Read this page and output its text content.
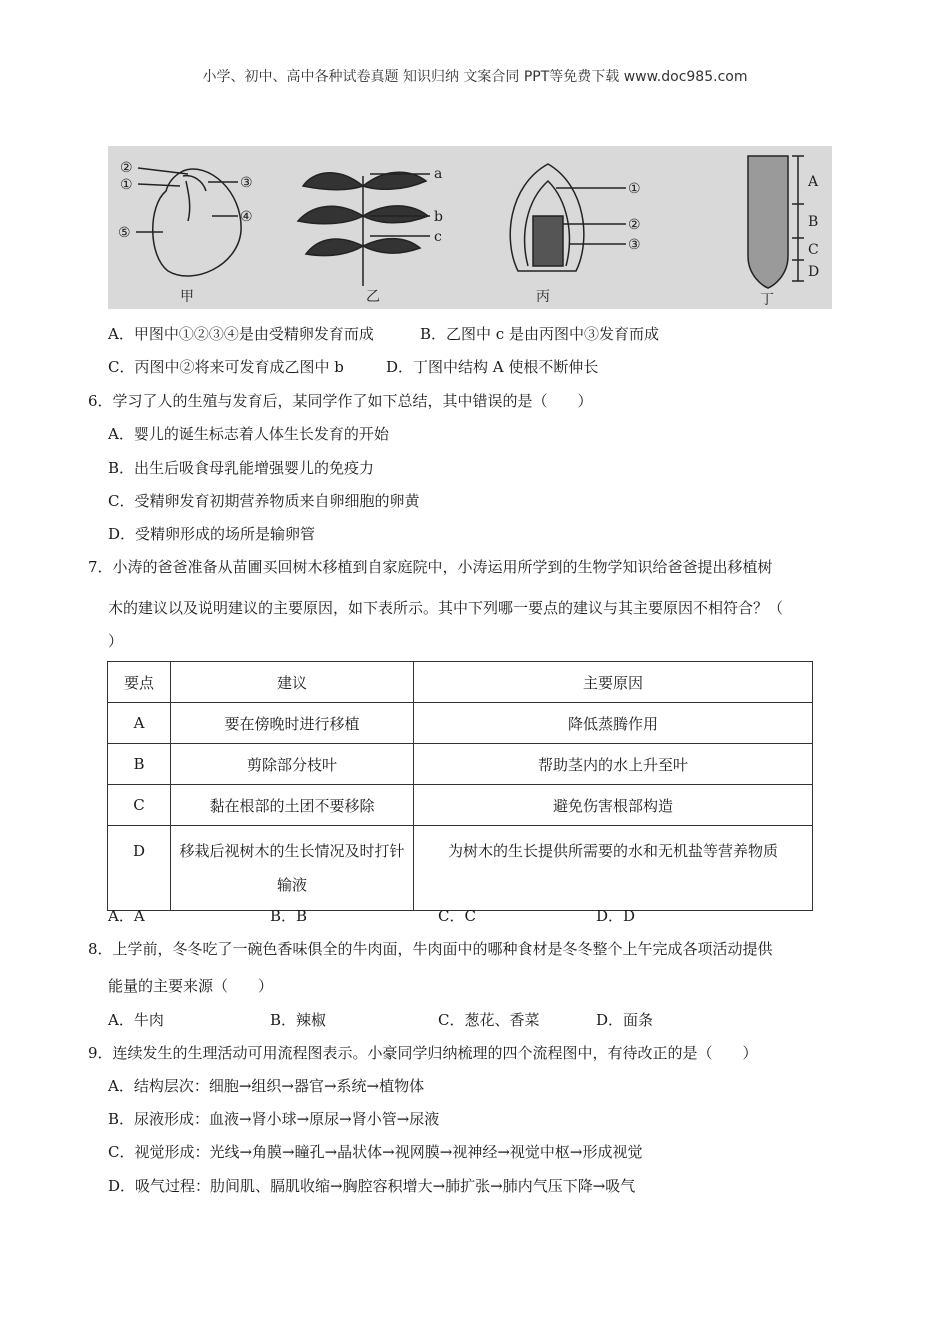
小学、初中、高中各种试卷真题 知识归纳 文案合同 PPT等免费下载 www.doc985.com
②
①
⑤
③
④
甲
a
b
c
乙
①
②
③
丙
A
B
C
D
丁
A．甲图中①②③④是由受精卵发育而成	B．乙图中 c 是由丙图中③发育而成
C．丙图中②将来可发育成乙图中 b	D．丁图中结构 A 使根不断伸长
6．学习了人的生殖与发育后，某同学作了如下总结，其中错误的是（　　）
A．婴儿的诞生标志着人体生长发育的开始
B．出生后吸食母乳能增强婴儿的免疫力
C．受精卵发育初期营养物质来自卵细胞的卵黄
D．受精卵形成的场所是输卵管
7．小涛的爸爸准备从苗圃买回树木移植到自家庭院中，小涛运用所学到的生物学知识给爸爸提出移植树
木的建议以及说明建议的主要原因，如下表所示。其中下列哪一要点的建议与其主要原因不相符合？（
）
要点	建议	主要原因
A	要在傍晚时进行移植	降低蒸腾作用
B	剪除部分枝叶	帮助茎内的水上升至叶
C	黏在根部的土团不要移除	避免伤害根部构造
D	移栽后视树木的生长情况及时打针输液	为树木的生长提供所需要的水和无机盐等营养物质
A．A	B．B	C．C	D．D
8．上学前，冬冬吃了一碗色香味俱全的牛肉面，牛肉面中的哪种食材是冬冬整个上午完成各项活动提供
能量的主要来源（　　）
A．牛肉	B．辣椒	C．葱花、香菜	D．面条
9．连续发生的生理活动可用流程图表示。小豪同学归纳梳理的四个流程图中，有待改正的是（　　）
A．结构层次：细胞→组织→器官→系统→植物体
B．尿液形成：血液→肾小球→原尿→肾小管→尿液
C．视觉形成：光线→角膜→瞳孔→晶状体→视网膜→视神经→视觉中枢→形成视觉
D．吸气过程：肋间肌、膈肌收缩→胸腔容积增大→肺扩张→肺内气压下降→吸气
